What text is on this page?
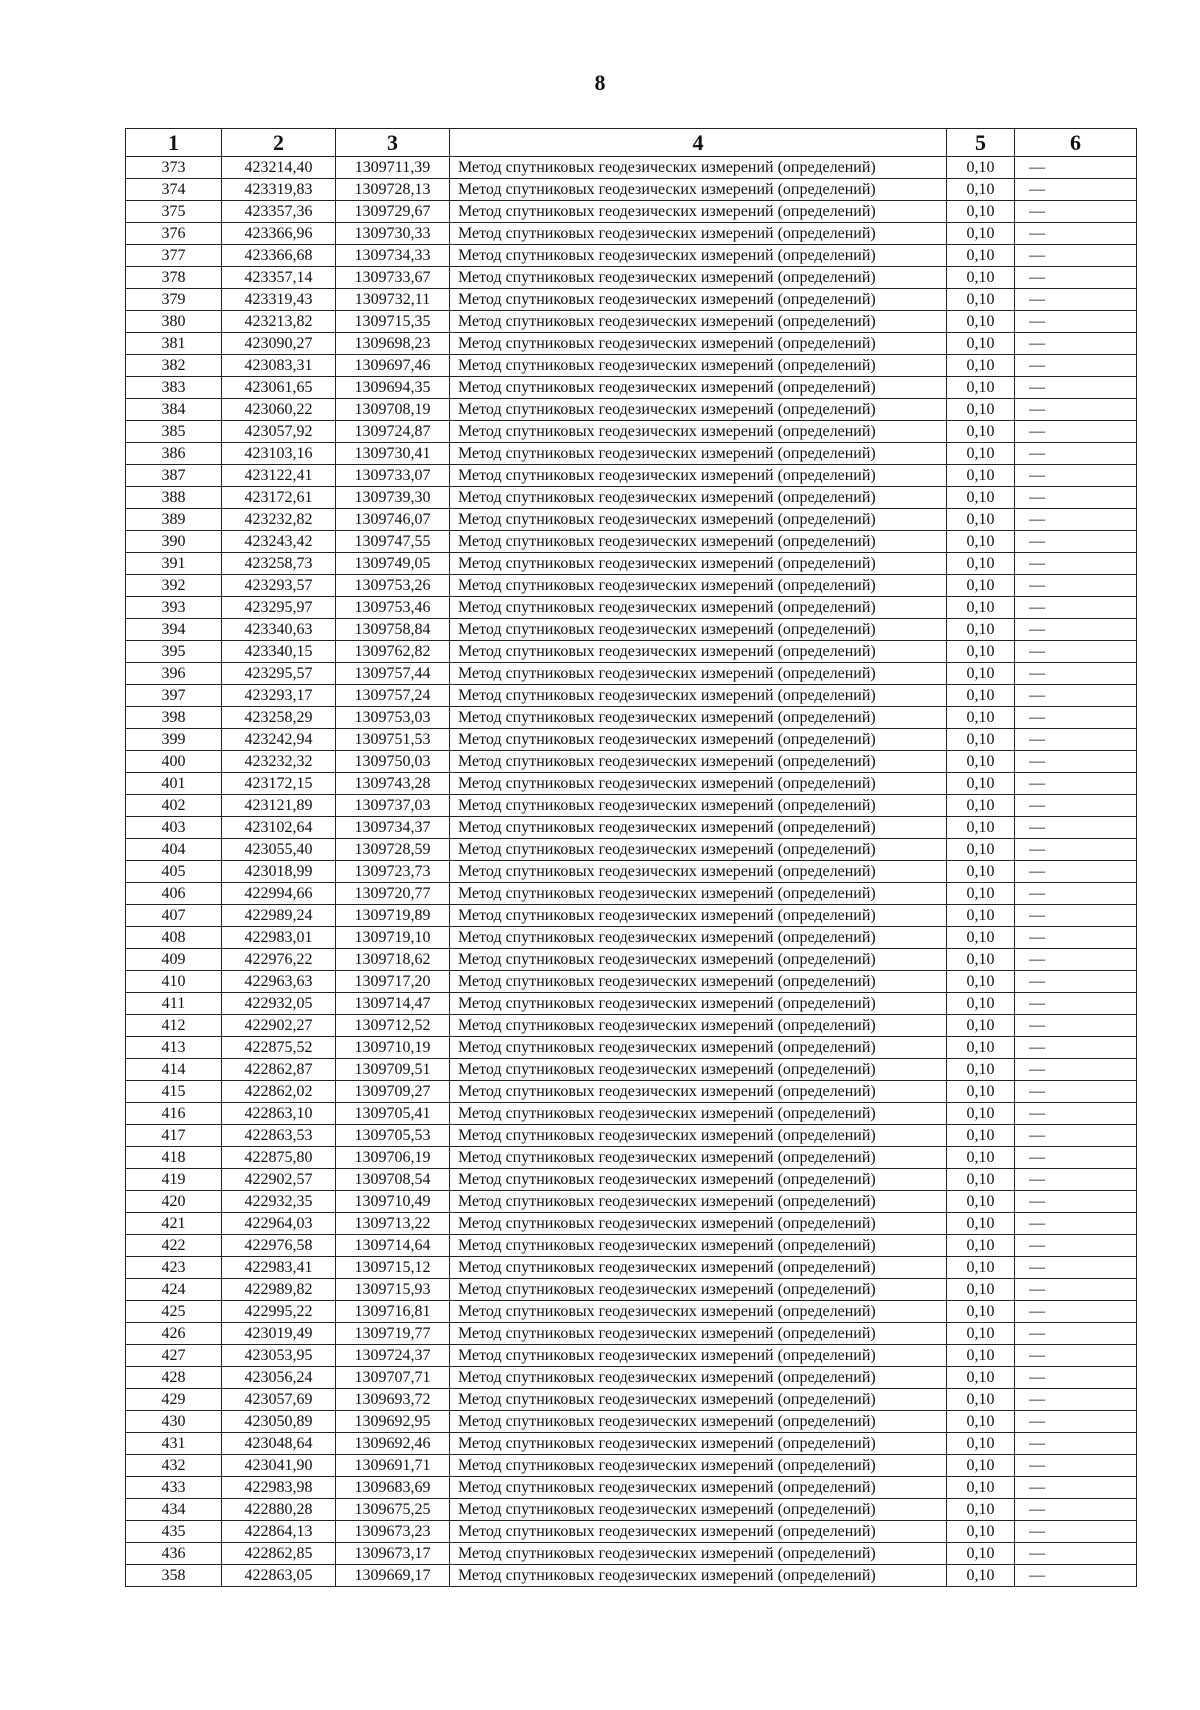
8
1	2	3	4	5	6
373	423214,40	1309711,39	Метод спутниковых геодезических измерений (определений)	0,10	—
374	423319,83	1309728,13	Метод спутниковых геодезических измерений (определений)	0,10	—
375	423357,36	1309729,67	Метод спутниковых геодезических измерений (определений)	0,10	—
376	423366,96	1309730,33	Метод спутниковых геодезических измерений (определений)	0,10	—
377	423366,68	1309734,33	Метод спутниковых геодезических измерений (определений)	0,10	—
378	423357,14	1309733,67	Метод спутниковых геодезических измерений (определений)	0,10	—
379	423319,43	1309732,11	Метод спутниковых геодезических измерений (определений)	0,10	—
380	423213,82	1309715,35	Метод спутниковых геодезических измерений (определений)	0,10	—
381	423090,27	1309698,23	Метод спутниковых геодезических измерений (определений)	0,10	—
382	423083,31	1309697,46	Метод спутниковых геодезических измерений (определений)	0,10	—
383	423061,65	1309694,35	Метод спутниковых геодезических измерений (определений)	0,10	—
384	423060,22	1309708,19	Метод спутниковых геодезических измерений (определений)	0,10	—
385	423057,92	1309724,87	Метод спутниковых геодезических измерений (определений)	0,10	—
386	423103,16	1309730,41	Метод спутниковых геодезических измерений (определений)	0,10	—
387	423122,41	1309733,07	Метод спутниковых геодезических измерений (определений)	0,10	—
388	423172,61	1309739,30	Метод спутниковых геодезических измерений (определений)	0,10	—
389	423232,82	1309746,07	Метод спутниковых геодезических измерений (определений)	0,10	—
390	423243,42	1309747,55	Метод спутниковых геодезических измерений (определений)	0,10	—
391	423258,73	1309749,05	Метод спутниковых геодезических измерений (определений)	0,10	—
392	423293,57	1309753,26	Метод спутниковых геодезических измерений (определений)	0,10	—
393	423295,97	1309753,46	Метод спутниковых геодезических измерений (определений)	0,10	—
394	423340,63	1309758,84	Метод спутниковых геодезических измерений (определений)	0,10	—
395	423340,15	1309762,82	Метод спутниковых геодезических измерений (определений)	0,10	—
396	423295,57	1309757,44	Метод спутниковых геодезических измерений (определений)	0,10	—
397	423293,17	1309757,24	Метод спутниковых геодезических измерений (определений)	0,10	—
398	423258,29	1309753,03	Метод спутниковых геодезических измерений (определений)	0,10	—
399	423242,94	1309751,53	Метод спутниковых геодезических измерений (определений)	0,10	—
400	423232,32	1309750,03	Метод спутниковых геодезических измерений (определений)	0,10	—
401	423172,15	1309743,28	Метод спутниковых геодезических измерений (определений)	0,10	—
402	423121,89	1309737,03	Метод спутниковых геодезических измерений (определений)	0,10	—
403	423102,64	1309734,37	Метод спутниковых геодезических измерений (определений)	0,10	—
404	423055,40	1309728,59	Метод спутниковых геодезических измерений (определений)	0,10	—
405	423018,99	1309723,73	Метод спутниковых геодезических измерений (определений)	0,10	—
406	422994,66	1309720,77	Метод спутниковых геодезических измерений (определений)	0,10	—
407	422989,24	1309719,89	Метод спутниковых геодезических измерений (определений)	0,10	—
408	422983,01	1309719,10	Метод спутниковых геодезических измерений (определений)	0,10	—
409	422976,22	1309718,62	Метод спутниковых геодезических измерений (определений)	0,10	—
410	422963,63	1309717,20	Метод спутниковых геодезических измерений (определений)	0,10	—
411	422932,05	1309714,47	Метод спутниковых геодезических измерений (определений)	0,10	—
412	422902,27	1309712,52	Метод спутниковых геодезических измерений (определений)	0,10	—
413	422875,52	1309710,19	Метод спутниковых геодезических измерений (определений)	0,10	—
414	422862,87	1309709,51	Метод спутниковых геодезических измерений (определений)	0,10	—
415	422862,02	1309709,27	Метод спутниковых геодезических измерений (определений)	0,10	—
416	422863,10	1309705,41	Метод спутниковых геодезических измерений (определений)	0,10	—
417	422863,53	1309705,53	Метод спутниковых геодезических измерений (определений)	0,10	—
418	422875,80	1309706,19	Метод спутниковых геодезических измерений (определений)	0,10	—
419	422902,57	1309708,54	Метод спутниковых геодезических измерений (определений)	0,10	—
420	422932,35	1309710,49	Метод спутниковых геодезических измерений (определений)	0,10	—
421	422964,03	1309713,22	Метод спутниковых геодезических измерений (определений)	0,10	—
422	422976,58	1309714,64	Метод спутниковых геодезических измерений (определений)	0,10	—
423	422983,41	1309715,12	Метод спутниковых геодезических измерений (определений)	0,10	—
424	422989,82	1309715,93	Метод спутниковых геодезических измерений (определений)	0,10	—
425	422995,22	1309716,81	Метод спутниковых геодезических измерений (определений)	0,10	—
426	423019,49	1309719,77	Метод спутниковых геодезических измерений (определений)	0,10	—
427	423053,95	1309724,37	Метод спутниковых геодезических измерений (определений)	0,10	—
428	423056,24	1309707,71	Метод спутниковых геодезических измерений (определений)	0,10	—
429	423057,69	1309693,72	Метод спутниковых геодезических измерений (определений)	0,10	—
430	423050,89	1309692,95	Метод спутниковых геодезических измерений (определений)	0,10	—
431	423048,64	1309692,46	Метод спутниковых геодезических измерений (определений)	0,10	—
432	423041,90	1309691,71	Метод спутниковых геодезических измерений (определений)	0,10	—
433	422983,98	1309683,69	Метод спутниковых геодезических измерений (определений)	0,10	—
434	422880,28	1309675,25	Метод спутниковых геодезических измерений (определений)	0,10	—
435	422864,13	1309673,23	Метод спутниковых геодезических измерений (определений)	0,10	—
436	422862,85	1309673,17	Метод спутниковых геодезических измерений (определений)	0,10	—
358	422863,05	1309669,17	Метод спутниковых геодезических измерений (определений)	0,10	—
